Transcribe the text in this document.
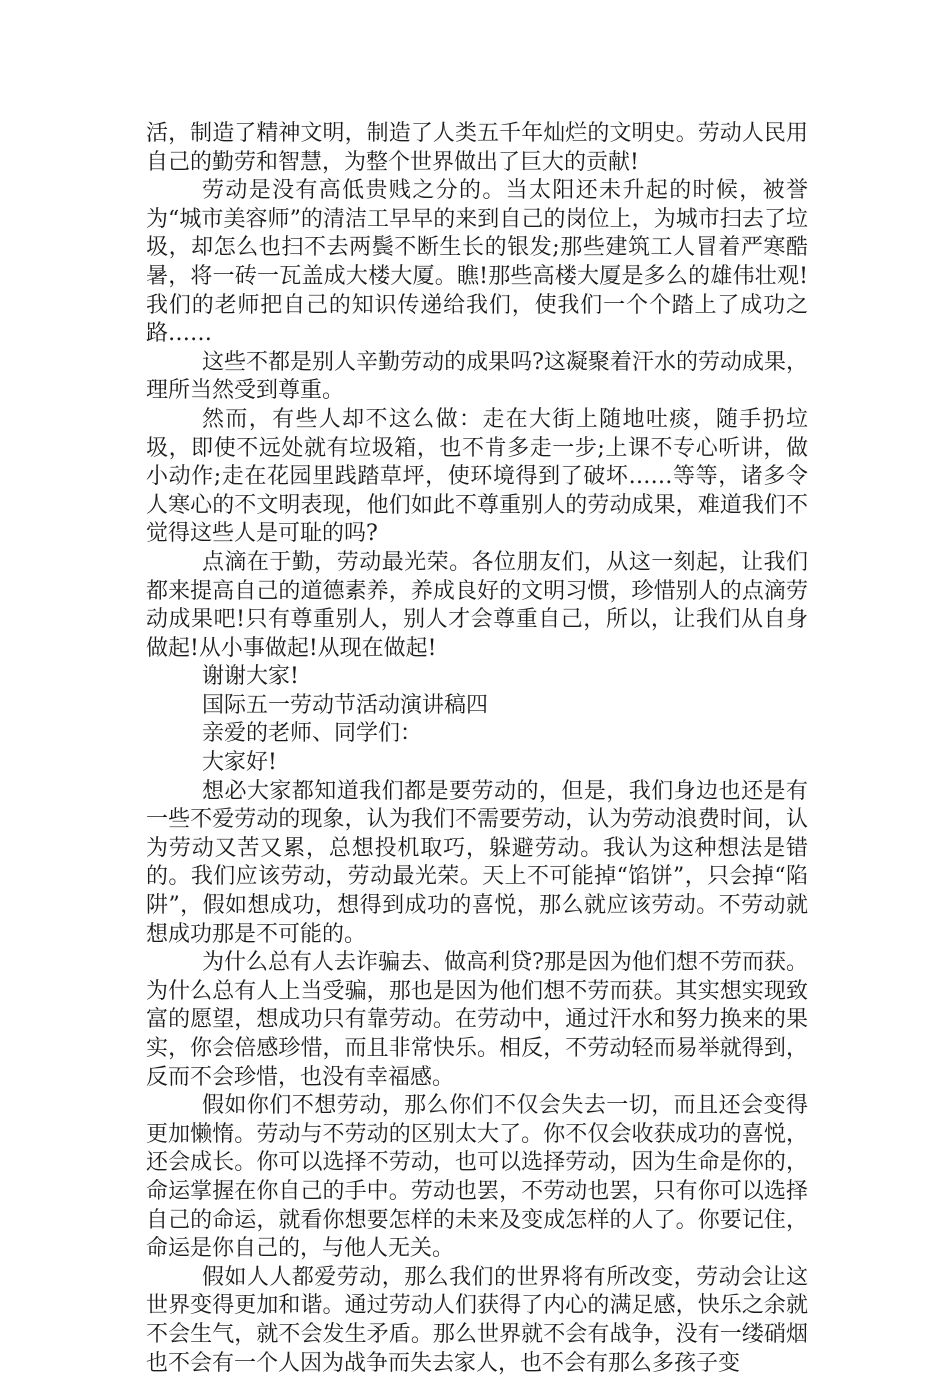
活，制造了精神文明，制造了人类五千年灿烂的文明史。劳动人民用自己的勤劳和智慧，为整个世界做出了巨大的贡献!

劳动是没有高低贵贱之分的。当太阳还未升起的时候，被誉为“城市美容师”的清洁工早早的来到自己的岗位上，为城市扫去了垃圾，却怎么也扫不去两鬓不断生长的银发;那些建筑工人冒着严寒酷暑，将一砖一瓦盖成大楼大厦。瞧!那些高楼大厦是多么的雄伟壮观!我们的老师把自己的知识传递给我们，使我们一个个踏上了成功之路……

这些不都是别人辛勤劳动的成果吗?这凝聚着汗水的劳动成果，理所当然受到尊重。

然而，有些人却不这么做：走在大街上随地吐痰，随手扔垃圾，即使不远处就有垃圾箱，也不肯多走一步;上课不专心听讲，做小动作;走在花园里践踏草坪，使环境得到了破坏……等等，诸多令人寒心的不文明表现，他们如此不尊重别人的劳动成果，难道我们不觉得这些人是可耻的吗?

点滴在于勤，劳动最光荣。各位朋友们，从这一刻起，让我们都来提高自己的道德素养，养成良好的文明习惯，珍惜别人的点滴劳动成果吧!只有尊重别人，别人才会尊重自己，所以，让我们从自身做起!从小事做起!从现在做起!

谢谢大家!

国际五一劳动节活动演讲稿四

亲爱的老师、同学们：

大家好!

想必大家都知道我们都是要劳动的，但是，我们身边也还是有一些不爱劳动的现象，认为我们不需要劳动，认为劳动浪费时间，认为劳动又苦又累，总想投机取巧，躲避劳动。我认为这种想法是错的。我们应该劳动，劳动最光荣。天上不可能掉“馅饼”，只会掉“陷阱”，假如想成功，想得到成功的喜悦，那么就应该劳动。不劳动就想成功那是不可能的。

为什么总有人去诈骗去、做高利贷?那是因为他们想不劳而获。为什么总有人上当受骗，那也是因为他们想不劳而获。其实想实现致富的愿望，想成功只有靠劳动。在劳动中，通过汗水和努力换来的果实，你会倍感珍惜，而且非常快乐。相反，不劳动轻而易举就得到，反而不会珍惜，也没有幸福感。

假如你们不想劳动，那么你们不仅会失去一切，而且还会变得更加懒惰。劳动与不劳动的区别太大了。你不仅会收获成功的喜悦，还会成长。你可以选择不劳动，也可以选择劳动，因为生命是你的，命运掌握在你自己的手中。劳动也罢，不劳动也罢，只有你可以选择自己的命运，就看你想要怎样的未来及变成怎样的人了。你要记住，命运是你自己的，与他人无关。

假如人人都爱劳动，那么我们的世界将有所改变，劳动会让这世界变得更加和谐。通过劳动人们获得了内心的满足感，快乐之余就不会生气，就不会发生矛盾。那么世界就不会有战争，没有一缕硝烟也不会有一个人因为战争而失去家人，也不会有那么多孩子变
